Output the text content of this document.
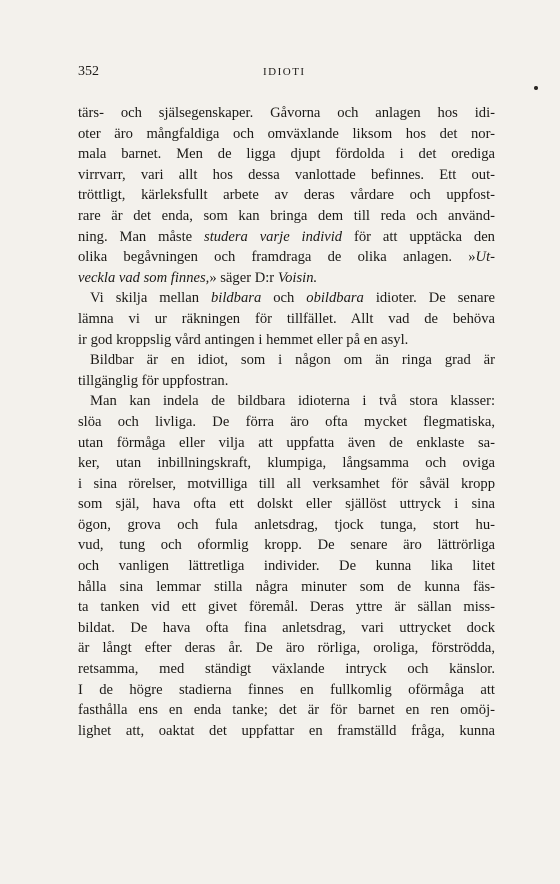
352	IDIOTI
tärs- och själsegenskaper. Gåvorna och anlagen hos idi-
oter äro mångfaldiga och omväxlande liksom hos det nor-
mala barnet. Men de ligga djupt fördolda i det orediga
virrvarr, vari allt hos dessa vanlottade befinnes. Ett out-
tröttligt, kärleksfullt arbete av deras vårdare och uppfost-
rare är det enda, som kan bringa dem till reda och använd-
ning. Man måste studera varje individ för att upptäcka den
olika begåvningen och framdraga de olika anlagen. »Ut-
veckla vad som finnes,» säger D:r Voisin.
Vi skilja mellan bildbara och obildbara idioter. De senare
lämna vi ur räkningen för tillfället. Allt vad de behöva
ir god kroppslig vård antingen i hemmet eller på en asyl.
Bildbar är en idiot, som i någon om än ringa grad är
tillgänglig för uppfostran.
Man kan indela de bildbara idioterna i två stora klasser:
slöa och livliga. De förra äro ofta mycket flegmatiska,
utan förmåga eller vilja att uppfatta även de enklaste sa-
ker, utan inbillningskraft, klumpiga, långsamma och oviga
i sina rörelser, motvilliga till all verksamhet för såväl kropp
som själ, hava ofta ett dolskt eller själlöst uttryck i sina
ögon, grova och fula anletsdrag, tjock tunga, stort hu-
vud, tung och oformlig kropp. De senare äro lättrörliga
och vanligen lättretliga individer. De kunna lika litet
hålla sina lemmar stilla några minuter som de kunna fäs-
ta tanken vid ett givet föremål. Deras yttre är sällan miss-
bildat. De hava ofta fina anletsdrag, vari uttrycket dock
är långt efter deras år. De äro rörliga, oroliga, förströdda,
retsamma, med ständigt växlande intryck och känslor.
I de högre stadierna finnes en fullkomlig oförmåga att
fasthålla ens en enda tanke; det är för barnet en ren omöj-
lighet att, oaktat det uppfattar en framställd fråga, kunna
